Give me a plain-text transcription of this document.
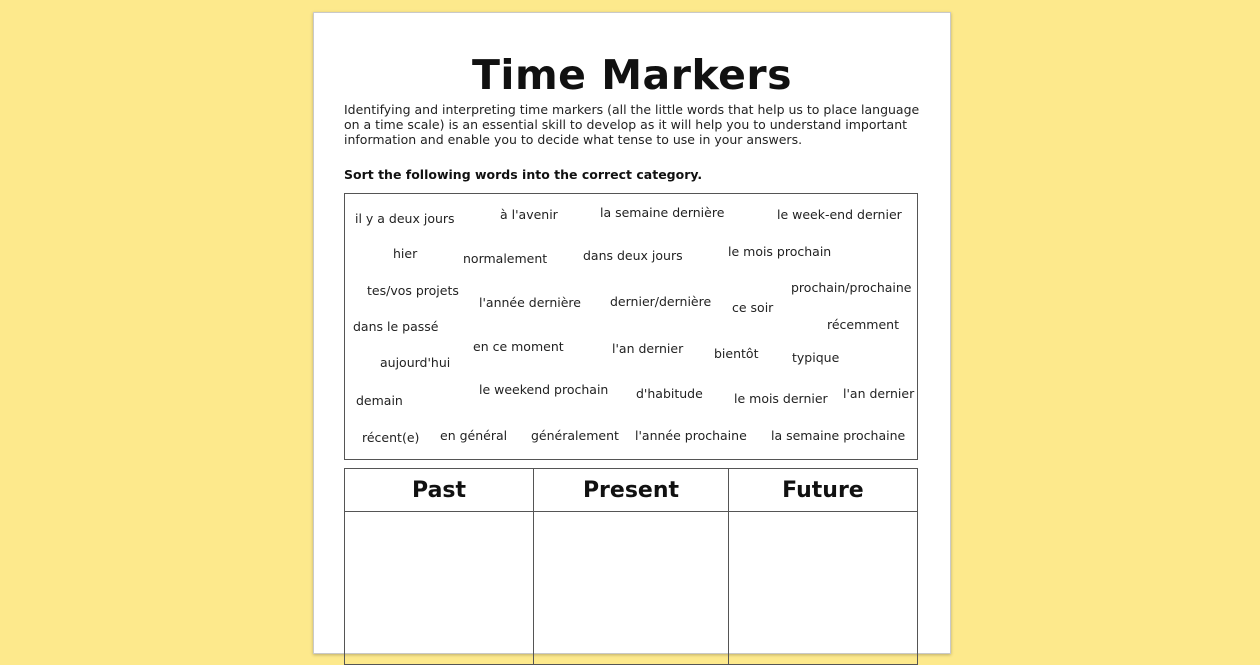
Time Markers
Identifying and interpreting time markers (all the little words that help us to place language on a time scale) is an essential skill to develop as it will help you to understand important information and enable you to decide what tense to use in your answers.
Sort the following words into the correct category.
il y a deux jours	à l'avenir	la semaine dernière	le week-end dernier
hier	normalement	dans deux jours	le mois prochain
tes/vos projets
l'année dernière dernier/dernière ce soir
prochain/prochaine
dans le passé	récemment
aujourd'hui
en ce moment	l'an dernier bientôt	typique
demain
le weekend prochain d'habitude le mois dernier l'an dernier
récent(e) en général généralement l'année prochaine la semaine prochaine
Past	Present	Future
